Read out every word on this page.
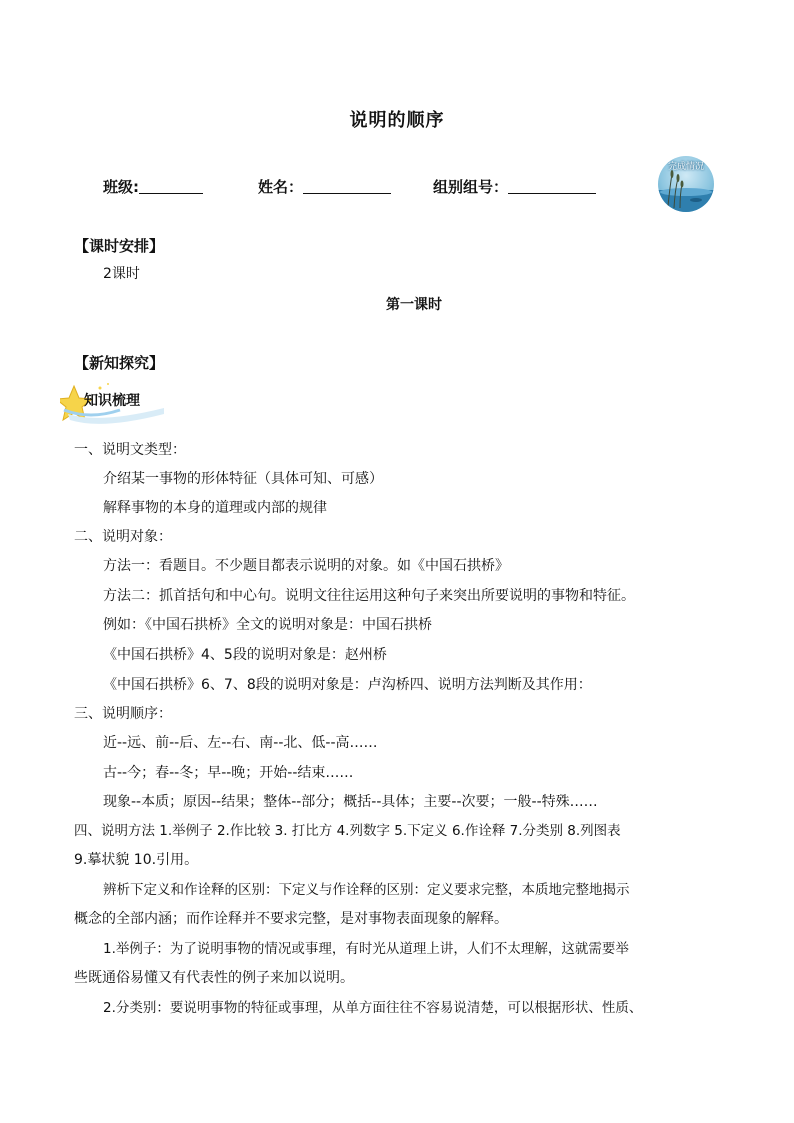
说明的顺序
班级:	姓名：	组别组号：
完成情况
【课时安排】
2课时
第一课时
【新知探究】
知识梳理
一、说明文类型：
介绍某一事物的形体特征（具体可知、可感）
解释事物的本身的道理或内部的规律
二、说明对象：
方法一：看题目。不少题目都表示说明的对象。如《中国石拱桥》
方法二：抓首括句和中心句。说明文往往运用这种句子来突出所要说明的事物和特征。
例如：《中国石拱桥》全文的说明对象是：中国石拱桥
《中国石拱桥》4、5段的说明对象是：赵州桥
《中国石拱桥》6、7、8段的说明对象是：卢沟桥四、说明方法判断及其作用：
三、说明顺序：
近--远、前--后、左--右、南--北、低--高……
古--今；春--冬；早--晚；开始--结束……
现象--本质；原因--结果；整体--部分；概括--具体；主要--次要；一般--特殊……
四、说明方法 1.举例子 2.作比较 3. 打比方 4.列数字 5.下定义 6.作诠释 7.分类别 8.列图表
9.摹状貌 10.引用。
辨析下定义和作诠释的区别：下定义与作诠释的区别：定义要求完整，本质地完整地揭示
概念的全部内涵；而作诠释并不要求完整，是对事物表面现象的解释。
1.举例子：为了说明事物的情况或事理，有时光从道理上讲，人们不太理解，这就需要举
些既通俗易懂又有代表性的例子来加以说明。
2.分类别：要说明事物的特征或事理，从单方面往往不容易说清楚，可以根据形状、性质、
